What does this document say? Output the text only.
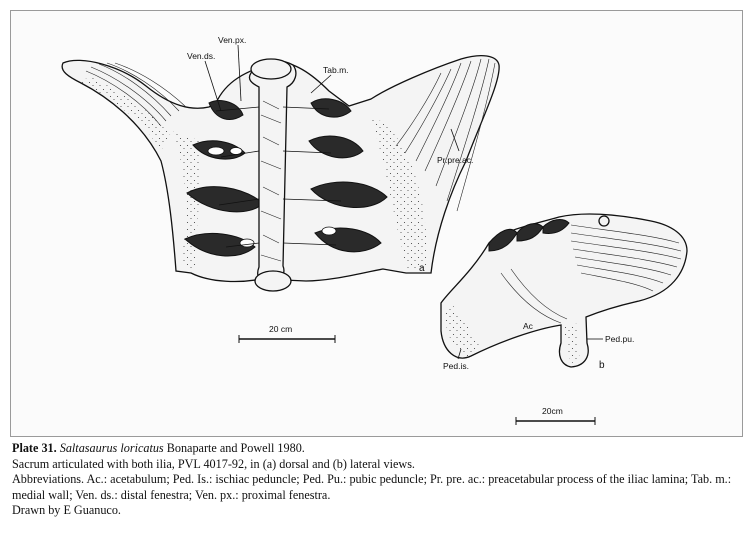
Ven.px.
Ven.ds.
Tab.m.
Pr.pre.ac.
a
20 cm	Ac
Ped.pu.
Ped.is.	b
20cm

Plate 31. Saltasaurus loricatus Bonaparte and Powell 1980.

Sacrum articulated with both ilia, PVL 4017-92, in (a) dorsal and (b) lateral views.

Abbreviations. Ac.: acetabulum; Ped. Is.: ischiac peduncle; Ped. Pu.: pubic peduncle; Pr. pre. ac.: preacetabular process of the iliac lamina; Tab. m.: medial wall; Ven. ds.: distal fenestra; Ven. px.: proximal fenestra.

Drawn by E Guanuco.
